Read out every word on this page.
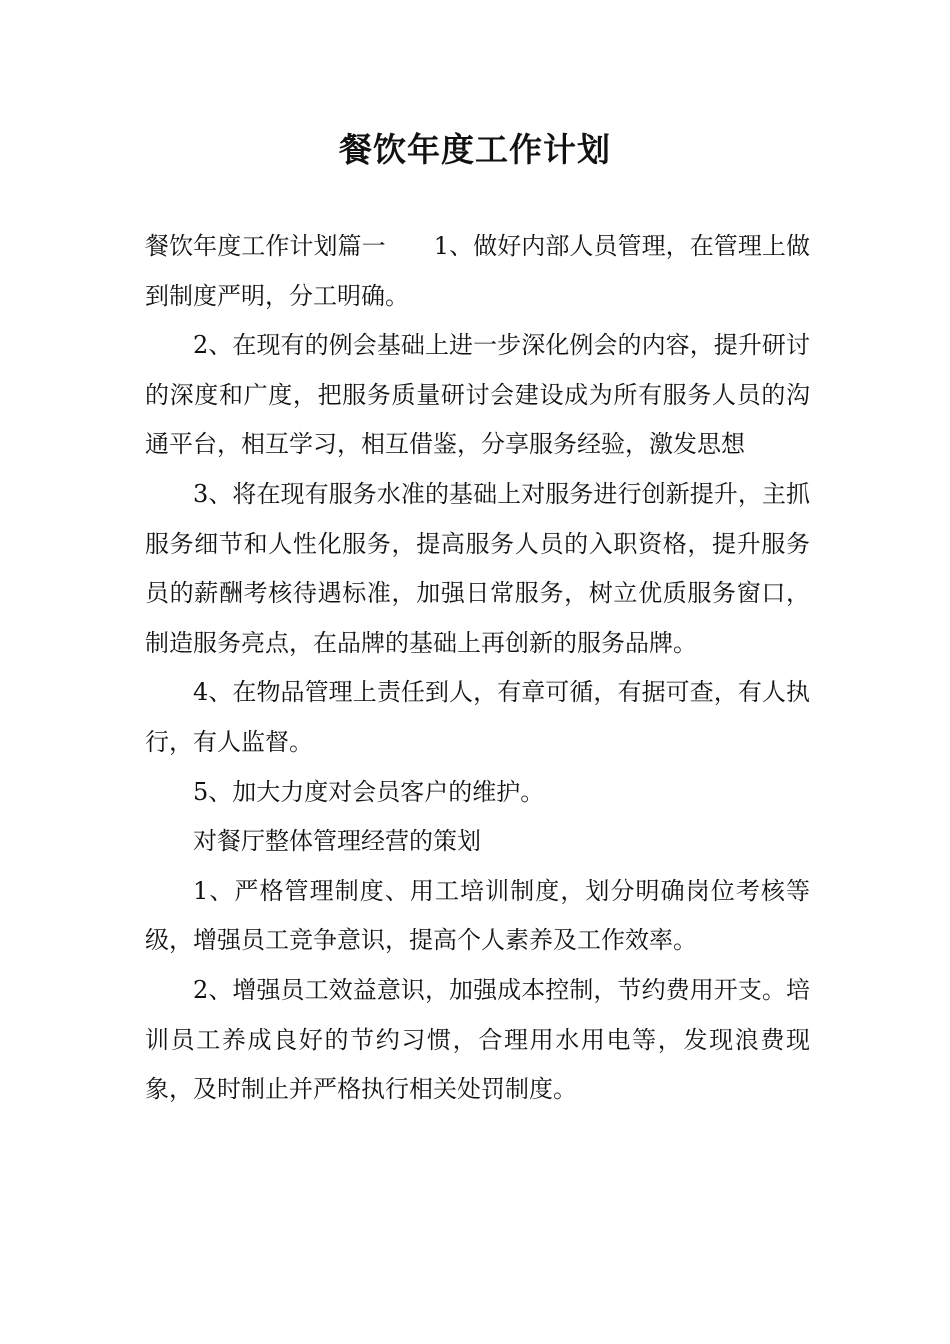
餐饮年度工作计划

餐饮年度工作计划篇一　　1、做好内部人员管理，在管理上做到制度严明，分工明确。

2、在现有的例会基础上进一步深化例会的内容，提升研讨的深度和广度，把服务质量研讨会建设成为所有服务人员的沟通平台，相互学习，相互借鉴，分享服务经验，激发思想

3、将在现有服务水准的基础上对服务进行创新提升，主抓服务细节和人性化服务，提高服务人员的入职资格，提升服务员的薪酬考核待遇标准，加强日常服务，树立优质服务窗口，制造服务亮点，在品牌的基础上再创新的服务品牌。

4、在物品管理上责任到人，有章可循，有据可查，有人执行，有人监督。

5、加大力度对会员客户的维护。

对餐厅整体管理经营的策划

1、严格管理制度、用工培训制度，划分明确岗位考核等级，增强员工竞争意识，提高个人素养及工作效率。

2、增强员工效益意识，加强成本控制，节约费用开支。培训员工养成良好的节约习惯，合理用水用电等，发现浪费现象，及时制止并严格执行相关处罚制度。
